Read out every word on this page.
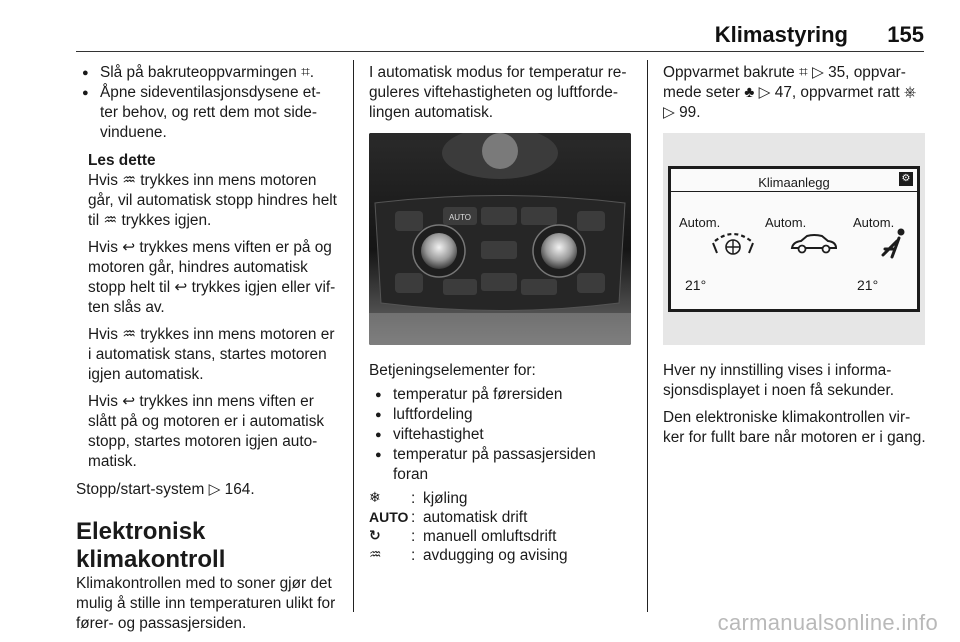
Klimastyring 155

● Slå på bakruteoppvarmingen ⌗.

● Åpne sideventilasjonsdysene et-
ter behov, og rett dem mot side-
vinduene.

Les dette

Hvis ♒ trykkes inn mens motoren går, vil automatisk stopp hindres helt til ♒ trykkes igjen.

Hvis ↩ trykkes mens viften er på og motoren går, hindres automatisk stopp helt til ↩ trykkes igjen eller vif-ten slås av.

Hvis ♒ trykkes inn mens motoren er i automatisk stans, startes motoren igjen automatisk.

Hvis ↩ trykkes inn mens viften er slått på og motoren er i automatisk stopp, startes motoren igjen auto-matisk.

Stopp/start-system ▷ 164.

Elektronisk klimakontroll

Klimakontrollen med to soner gjør det mulig å stille inn temperaturen ulikt for fører- og passasjersiden.

I automatisk modus for temperatur re-guleres viftehastigheten og luftforde-lingen automatisk.

AUTO

Betjeningselementer for:

● temperatur på førersiden

● luftfordeling

● viftehastighet

● temperatur på passasjersiden
foran

❄	: kjøling
AUTO : automatisk drift
↻	: manuell omluftsdrift
♒	: avdugging og avising

Oppvarmet bakrute ⌗ ▷ 35, oppvar-mede seter ♣ ▷ 47, oppvarmet ratt ⎈ ▷ 99.

Klimaanlegg	⚙
Autom.	Autom.	Autom.
21°	21°

Hver ny innstilling vises i informa-sjonsdisplayet i noen få sekunder.

Den elektroniske klimakontrollen vir-ker for fullt bare når motoren er i gang.

carmanualsonline.info
